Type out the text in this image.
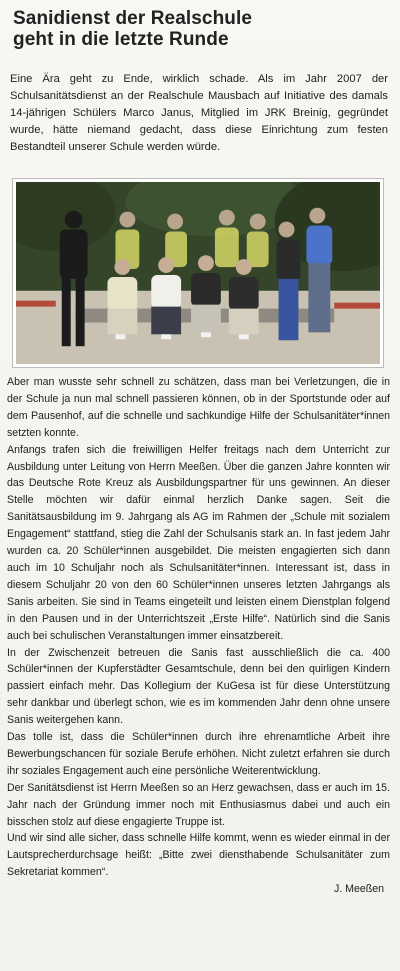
Sanidienst der Realschule
geht in die letzte Runde

Eine Ära geht zu Ende, wirklich schade. Als im Jahr 2007 der Schulsanitätsdienst an der Realschule Mausbach auf Initiative des damals 14-jährigen Schülers Marco Janus, Mitglied im JRK Breinig, gegründet wurde, hätte niemand gedacht, dass diese Einrichtung zum festen Bestandteil unserer Schule werden würde.

Aber man wusste sehr schnell zu schätzen, dass man bei Verletzungen, die in der Schule ja nun mal schnell passieren können, ob in der Sportstunde oder auf dem Pausenhof, auf die schnelle und sachkundige Hilfe der Schulsanitäter*innen setzten konnte.

Anfangs trafen sich die freiwilligen Helfer freitags nach dem Unterricht zur Ausbildung unter Leitung von Herrn Meeßen. Über die ganzen Jahre konnten wir das Deutsche Rote Kreuz als Ausbildungspartner für uns gewinnen. An dieser Stelle möchten wir dafür einmal herzlich Danke sagen. Seit die Sanitätsausbildung im 9. Jahrgang als AG im Rahmen der „Schule mit sozialem Engagement“ stattfand, stieg die Zahl der Schulsanis stark an. In fast jedem Jahr wurden ca. 20 Schüler*innen ausgebildet. Die meisten engagierten sich dann auch im 10 Schuljahr noch als Schulsanitäter*innen. Interessant ist, dass in diesem Schuljahr 20 von den 60 Schüler*innen unseres letzten Jahrgangs als Sanis arbeiten. Sie sind in Teams eingeteilt und leisten einem Dienstplan folgend in den Pausen und in der Unterrichtszeit „Erste Hilfe“. Natürlich sind die Sanis auch bei schulischen Veranstaltungen immer einsatzbereit.

In der Zwischenzeit betreuen die Sanis fast ausschließlich die ca. 400 Schüler*innen der Kupferstädter Gesamtschule, denn bei den quirligen Kindern passiert einfach mehr. Das Kollegium der KuGesa ist für diese Unterstützung sehr dankbar und überlegt schon, wie es im kommenden Jahr denn ohne unsere Sanis weitergehen kann.

Das tolle ist, dass die Schüler*innen durch ihre ehrenamtliche Arbeit ihre Bewerbungschancen für soziale Berufe erhöhen. Nicht zuletzt erfahren sie durch ihr soziales Engagement auch eine persönliche Weiterentwicklung.

Der Sanitätsdienst ist Herrn Meeßen so an Herz gewachsen, dass er auch im 15. Jahr nach der Gründung immer noch mit Enthusiasmus dabei und auch ein bisschen stolz auf diese engagierte Truppe ist.

Und wir sind alle sicher, dass schnelle Hilfe kommt, wenn es wieder einmal in der Lautsprecherdurchsage heißt: „Bitte zwei diensthabende Schulsanitäter zum Sekretariat kommen“.

J. Meeßen
